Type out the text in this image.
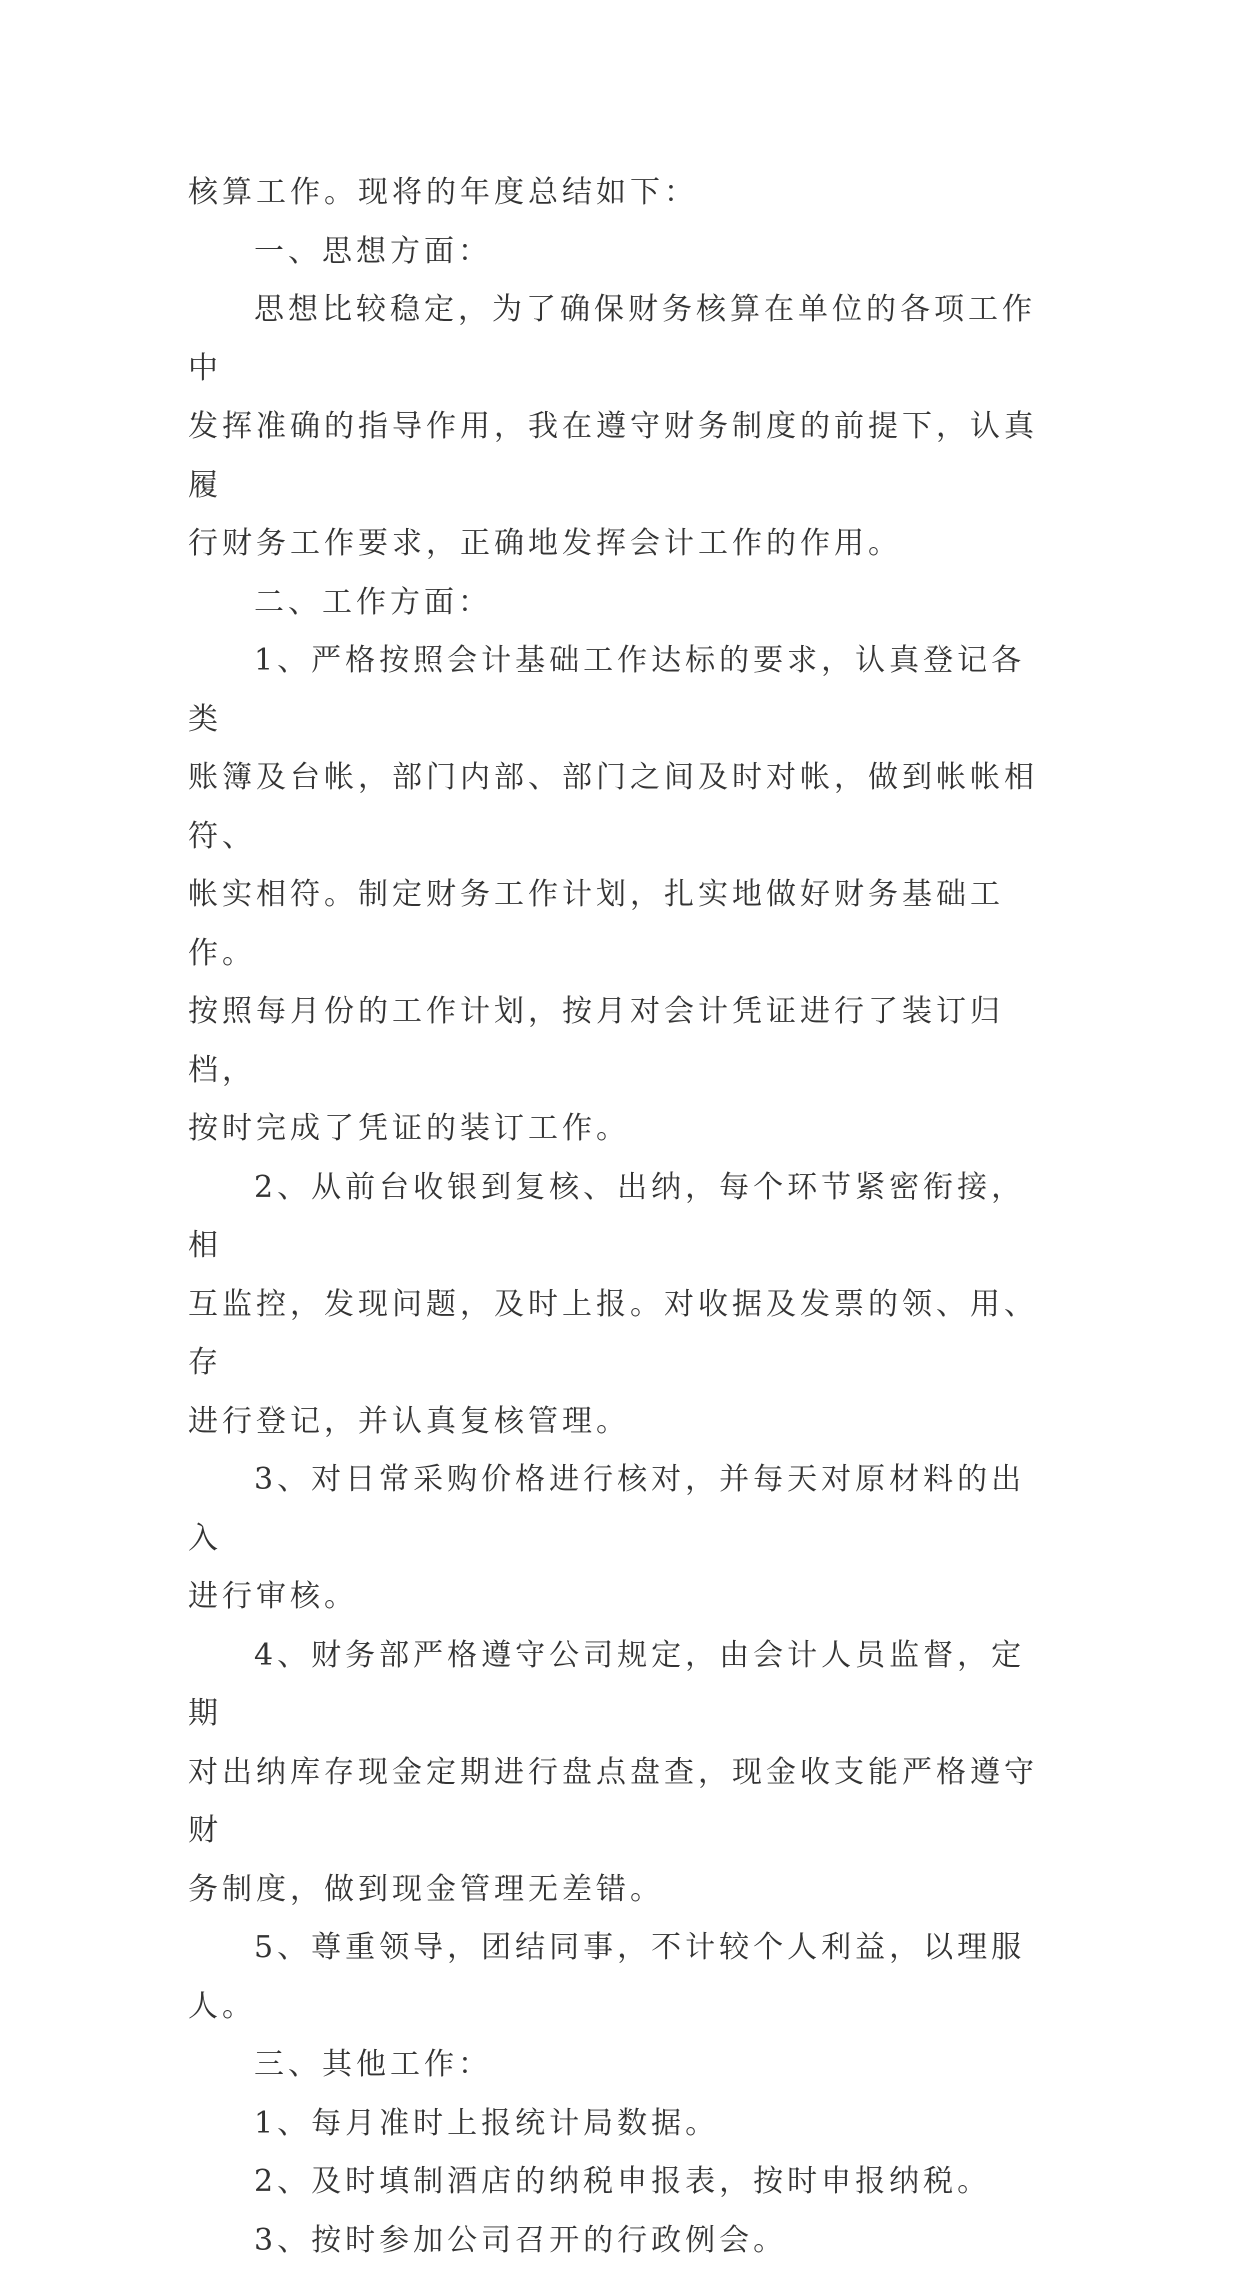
核算工作。现将的年度总结如下：

一、思想方面：

思想比较稳定，为了确保财务核算在单位的各项工作中
发挥准确的指导作用，我在遵守财务制度的前提下，认真履
行财务工作要求，正确地发挥会计工作的作用。

二、工作方面：

1、严格按照会计基础工作达标的要求，认真登记各类
账簿及台帐，部门内部、部门之间及时对帐，做到帐帐相符、
帐实相符。制定财务工作计划，扎实地做好财务基础工作。
按照每月份的工作计划，按月对会计凭证进行了装订归档，
按时完成了凭证的装订工作。

2、从前台收银到复核、出纳，每个环节紧密衔接，相
互监控，发现问题，及时上报。对收据及发票的领、用、存
进行登记，并认真复核管理。

3、对日常采购价格进行核对，并每天对原材料的出入
进行审核。

4、财务部严格遵守公司规定，由会计人员监督，定期
对出纳库存现金定期进行盘点盘查，现金收支能严格遵守财
务制度，做到现金管理无差错。

5、尊重领导，团结同事，不计较个人利益，以理服人。

三、其他工作：

1、每月准时上报统计局数据。

2、及时填制酒店的纳税申报表，按时申报纳税。

3、按时参加公司召开的行政例会。
